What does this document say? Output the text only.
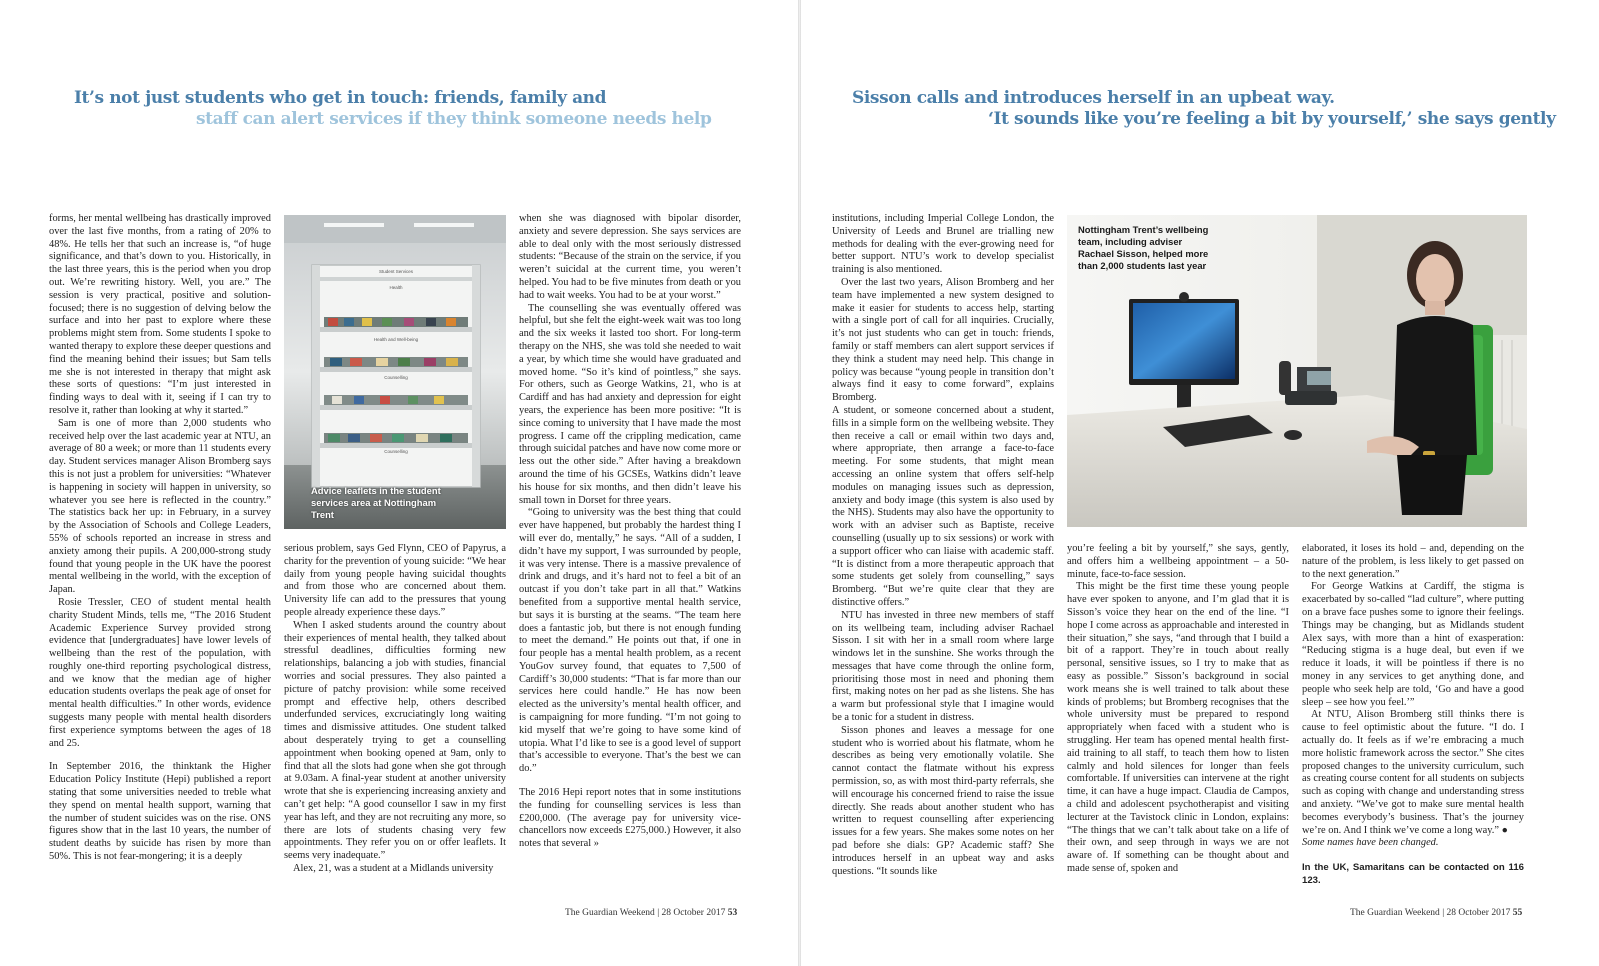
It’s not just students who get in touch: friends, family and
staff can alert services if they think someone needs help

forms, her mental wellbeing has drastically improved over the last five months, from a rating of 20% to 48%. He tells her that such an increase is, “of huge significance, and that’s down to you. Historically, in the last three years, this is the period when you drop out. We’re rewriting history. Well, you are.” The session is very practical, positive and solution-focused; there is no suggestion of delving below the surface and into her past to explore where these problems might stem from. Some students I spoke to wanted therapy to explore these deeper questions and find the meaning behind their issues; but Sam tells me she is not interested in therapy that might ask these sorts of questions: “I’m just interested in finding ways to deal with it, seeing if I can try to resolve it, rather than looking at why it started.”

Sam is one of more than 2,000 students who received help over the last academic year at NTU, an average of 80 a week; or more than 11 students every day. Student services manager Alison Bromberg says this is not just a problem for universities: “Whatever is happening in society will happen in university, so whatever you see here is reflected in the country.” The statistics back her up: in February, in a survey by the Association of Schools and College Leaders, 55% of schools reported an increase in stress and anxiety among their pupils. A 200,000-strong study found that young people in the UK have the poorest mental wellbeing in the world, with the exception of Japan.

Rosie Tressler, CEO of student mental health charity Student Minds, tells me, “The 2016 Student Academic Experience Survey provided strong evidence that [undergraduates] have lower levels of wellbeing than the rest of the population, with roughly one-third reporting psychological distress, and we know that the median age of higher education students overlaps the peak age of onset for mental health difficulties.” In other words, evidence suggests many people with mental health disorders first experience symptoms between the ages of 18 and 25.

In September 2016, the thinktank the Higher Education Policy Institute (Hepi) published a report stating that some universities needed to treble what they spend on mental health support, warning that the number of student suicides was on the rise. ONS figures show that in the last 10 years, the number of student deaths by suicide has risen by more than 50%. This is not fear-mongering; it is a deeply

Student Services
Health
Health and Well-being
Counselling
Counselling
Advice leaflets in the student services area at Nottingham Trent

serious problem, says Ged Flynn, CEO of Papyrus, a charity for the prevention of young suicide: “We hear daily from young people having suicidal thoughts and from those who are concerned about them. University life can add to the pressures that young people already experience these days.”

When I asked students around the country about their experiences of mental health, they talked about stressful deadlines, difficulties forming new relationships, balancing a job with studies, financial worries and social pressures. They also painted a picture of patchy provision: while some received prompt and effective help, others described underfunded services, excruciatingly long waiting times and dismissive attitudes. One student talked about desperately trying to get a counselling appointment when booking opened at 9am, only to find that all the slots had gone when she got through at 9.03am. A final-year student at another university wrote that she is experiencing increasing anxiety and can’t get help: “A good counsellor I saw in my first year has left, and they are not recruiting any more, so there are lots of students chasing very few appointments. They refer you on or offer leaflets. It seems very inadequate.”

Alex, 21, was a student at a Midlands university

when she was diagnosed with bipolar disorder, anxiety and severe depression. She says services are able to deal only with the most seriously distressed students: “Because of the strain on the service, if you weren’t suicidal at the current time, you weren’t helped. You had to be five minutes from death or you had to wait weeks. You had to be at your worst.”

The counselling she was eventually offered was helpful, but she felt the eight-week wait was too long and the six weeks it lasted too short. For long-term therapy on the NHS, she was told she needed to wait a year, by which time she would have graduated and moved home. “So it’s kind of pointless,” she says. For others, such as George Watkins, 21, who is at Cardiff and has had anxiety and depression for eight years, the experience has been more positive: “It is since coming to university that I have made the most progress. I came off the crippling medication, came through suicidal patches and have now come more or less out the other side.” After having a breakdown around the time of his GCSEs, Watkins didn’t leave his house for six months, and then didn’t leave his small town in Dorset for three years.

“Going to university was the best thing that could ever have happened, but probably the hardest thing I will ever do, mentally,” he says. “All of a sudden, I didn’t have my support, I was surrounded by people, it was very intense. There is a massive prevalence of drink and drugs, and it’s hard not to feel a bit of an outcast if you don’t take part in all that.” Watkins benefited from a supportive mental health service, but says it is bursting at the seams. “The team here does a fantastic job, but there is not enough funding to meet the demand.” He points out that, if one in four people has a mental health problem, as a recent YouGov survey found, that equates to 7,500 of Cardiff’s 30,000 students: “That is far more than our services here could handle.” He has now been elected as the university’s mental health officer, and is campaigning for more funding. “I’m not going to kid myself that we’re going to have some kind of utopia. What I’d like to see is a good level of support that’s accessible to everyone. That’s the best we can do.”

The 2016 Hepi report notes that in some institutions the funding for counselling services is less than £200,000. (The average pay for university vice-chancellors now exceeds £275,000.) However, it also notes that several »

The Guardian Weekend | 28 October 2017 53
Sisson calls and introduces herself in an upbeat way.
‘It sounds like you’re feeling a bit by yourself,’ she says gently

institutions, including Imperial College London, the University of Leeds and Brunel are trialling new methods for dealing with the ever-growing need for better support. NTU’s work to develop specialist training is also mentioned.

Over the last two years, Alison Bromberg and her team have implemented a new system designed to make it easier for students to access help, starting with a single port of call for all inquiries. Crucially, it’s not just students who can get in touch: friends, family or staff members can alert support services if they think a student may need help. This change in policy was because “young people in transition don’t always find it easy to come forward”, explains Bromberg.

A student, or someone concerned about a student, fills in a simple form on the wellbeing website. They then receive a call or email within two days and, where appropriate, then arrange a face-to-face meeting. For some students, that might mean accessing an online system that offers self-help modules on managing issues such as depression, anxiety and body image (this system is also used by the NHS). Students may also have the opportunity to work with an adviser such as Baptiste, receive counselling (usually up to six sessions) or work with a support officer who can liaise with academic staff. “It is distinct from a more therapeutic approach that some students get solely from counselling,” says Bromberg. “But we’re quite clear that they are distinctive offers.”

NTU has invested in three new members of staff on its wellbeing team, including adviser Rachael Sisson. I sit with her in a small room where large windows let in the sunshine. She works through the messages that have come through the online form, prioritising those most in need and phoning them first, making notes on her pad as she listens. She has a warm but professional style that I imagine would be a tonic for a student in distress.

Sisson phones and leaves a message for one student who is worried about his flatmate, whom he describes as being very emotionally volatile. She cannot contact the flatmate without his express permission, so, as with most third-party referrals, she will encourage his concerned friend to raise the issue directly. She reads about another student who has written to request counselling after experiencing issues for a few years. She makes some notes on her pad before she dials: GP? Academic staff? She introduces herself in an upbeat way and asks questions. “It sounds like

Nottingham Trent’s wellbeing team, including adviser Rachael Sisson, helped more than 2,000 students last year

you’re feeling a bit by yourself,” she says, gently, and offers him a wellbeing appointment – a 50-minute, face-to-face session.

This might be the first time these young people have ever spoken to anyone, and I’m glad that it is Sisson’s voice they hear on the end of the line. “I hope I come across as approachable and interested in their situation,” she says, “and through that I build a bit of a rapport. They’re in touch about really personal, sensitive issues, so I try to make that as easy as possible.” Sisson’s background in social work means she is well trained to talk about these kinds of problems; but Bromberg recognises that the whole university must be prepared to respond appropriately when faced with a student who is struggling. Her team has opened mental health first-aid training to all staff, to teach them how to listen calmly and hold silences for longer than feels comfortable. If universities can intervene at the right time, it can have a huge impact. Claudia de Campos, a child and adolescent psychotherapist and visiting lecturer at the Tavistock clinic in London, explains: “The things that we can’t talk about take on a life of their own, and seep through in ways we are not aware of. If something can be thought about and made sense of, spoken and

elaborated, it loses its hold – and, depending on the nature of the problem, is less likely to get passed on to the next generation.”

For George Watkins at Cardiff, the stigma is exacerbated by so-called “lad culture”, where putting on a brave face pushes some to ignore their feelings. Things may be changing, but as Midlands student Alex says, with more than a hint of exasperation: “Reducing stigma is a huge deal, but even if we reduce it loads, it will be pointless if there is no money in any services to get anything done, and people who seek help are told, ‘Go and have a good sleep – see how you feel.’”

At NTU, Alison Bromberg still thinks there is cause to feel optimistic about the future. “I do. I actually do. It feels as if we’re embracing a much more holistic framework across the sector.” She cites proposed changes to the university curriculum, such as creating course content for all students on subjects such as coping with change and understanding stress and anxiety. “We’ve got to make sure mental health becomes everybody’s business. That’s the journey we’re on. And I think we’ve come a long way.” ●

Some names have been changed.

In the UK, Samaritans can be contacted on 116 123.

The Guardian Weekend | 28 October 2017 55
